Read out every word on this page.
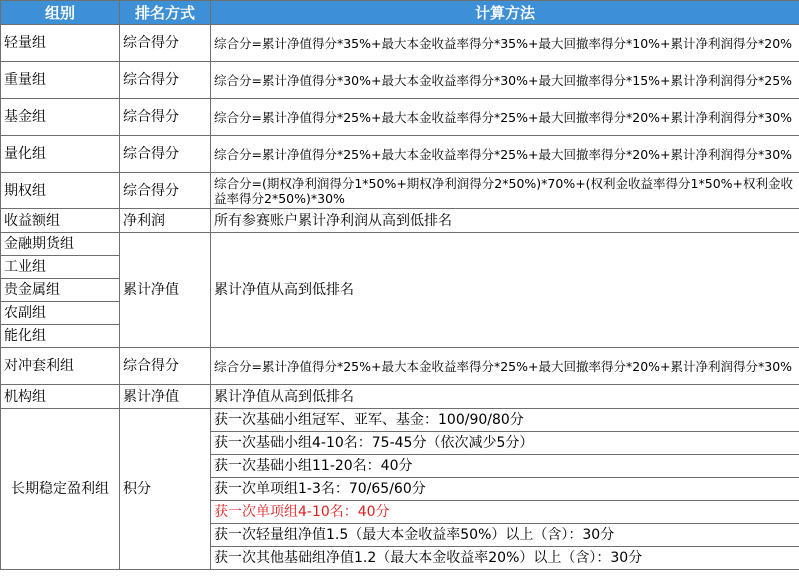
组别	排名方式	计算方法
轻量组	综合得分	综合分=累计净值得分*35%+最大本金收益率得分*35%+最大回撤率得分*10%+累计净利润得分*20%
重量组	综合得分	综合分=累计净值得分*30%+最大本金收益率得分*30%+最大回撤率得分*15%+累计净利润得分*25%
基金组	综合得分	综合分=累计净值得分*25%+最大本金收益率得分*25%+最大回撤率得分*20%+累计净利润得分*30%
量化组	综合得分	综合分=累计净值得分*25%+最大本金收益率得分*25%+最大回撤率得分*20%+累计净利润得分*30%
期权组	综合得分	综合分=(期权净利润得分1*50%+期权净利润得分2*50%)*70%+(权利金收益率得分1*50%+权利金收益率得分2*50%)*30%
收益额组	净利润	所有参赛账户累计净利润从高到低排名
金融期货组	累计净值	累计净值从高到低排名
工业组		
贵金属组		
农副组		
能化组		
对冲套利组	综合得分	综合分=累计净值得分*25%+最大本金收益率得分*25%+最大回撤率得分*20%+累计净利润得分*30%
机构组	累计净值	累计净值从高到低排名
长期稳定盈利组	积分	获一次基础小组冠军、亚军、基金：100/90/80分
		获一次基础小组4-10名：75-45分（依次减少5分）
		获一次基础小组11-20名：40分
		获一次单项组1-3名：70/65/60分
		获一次单项组4-10名：40分
		获一次轻量组净值1.5（最大本金收益率50%）以上（含）：30分
		获一次其他基础组净值1.2（最大本金收益率20%）以上（含）：30分
